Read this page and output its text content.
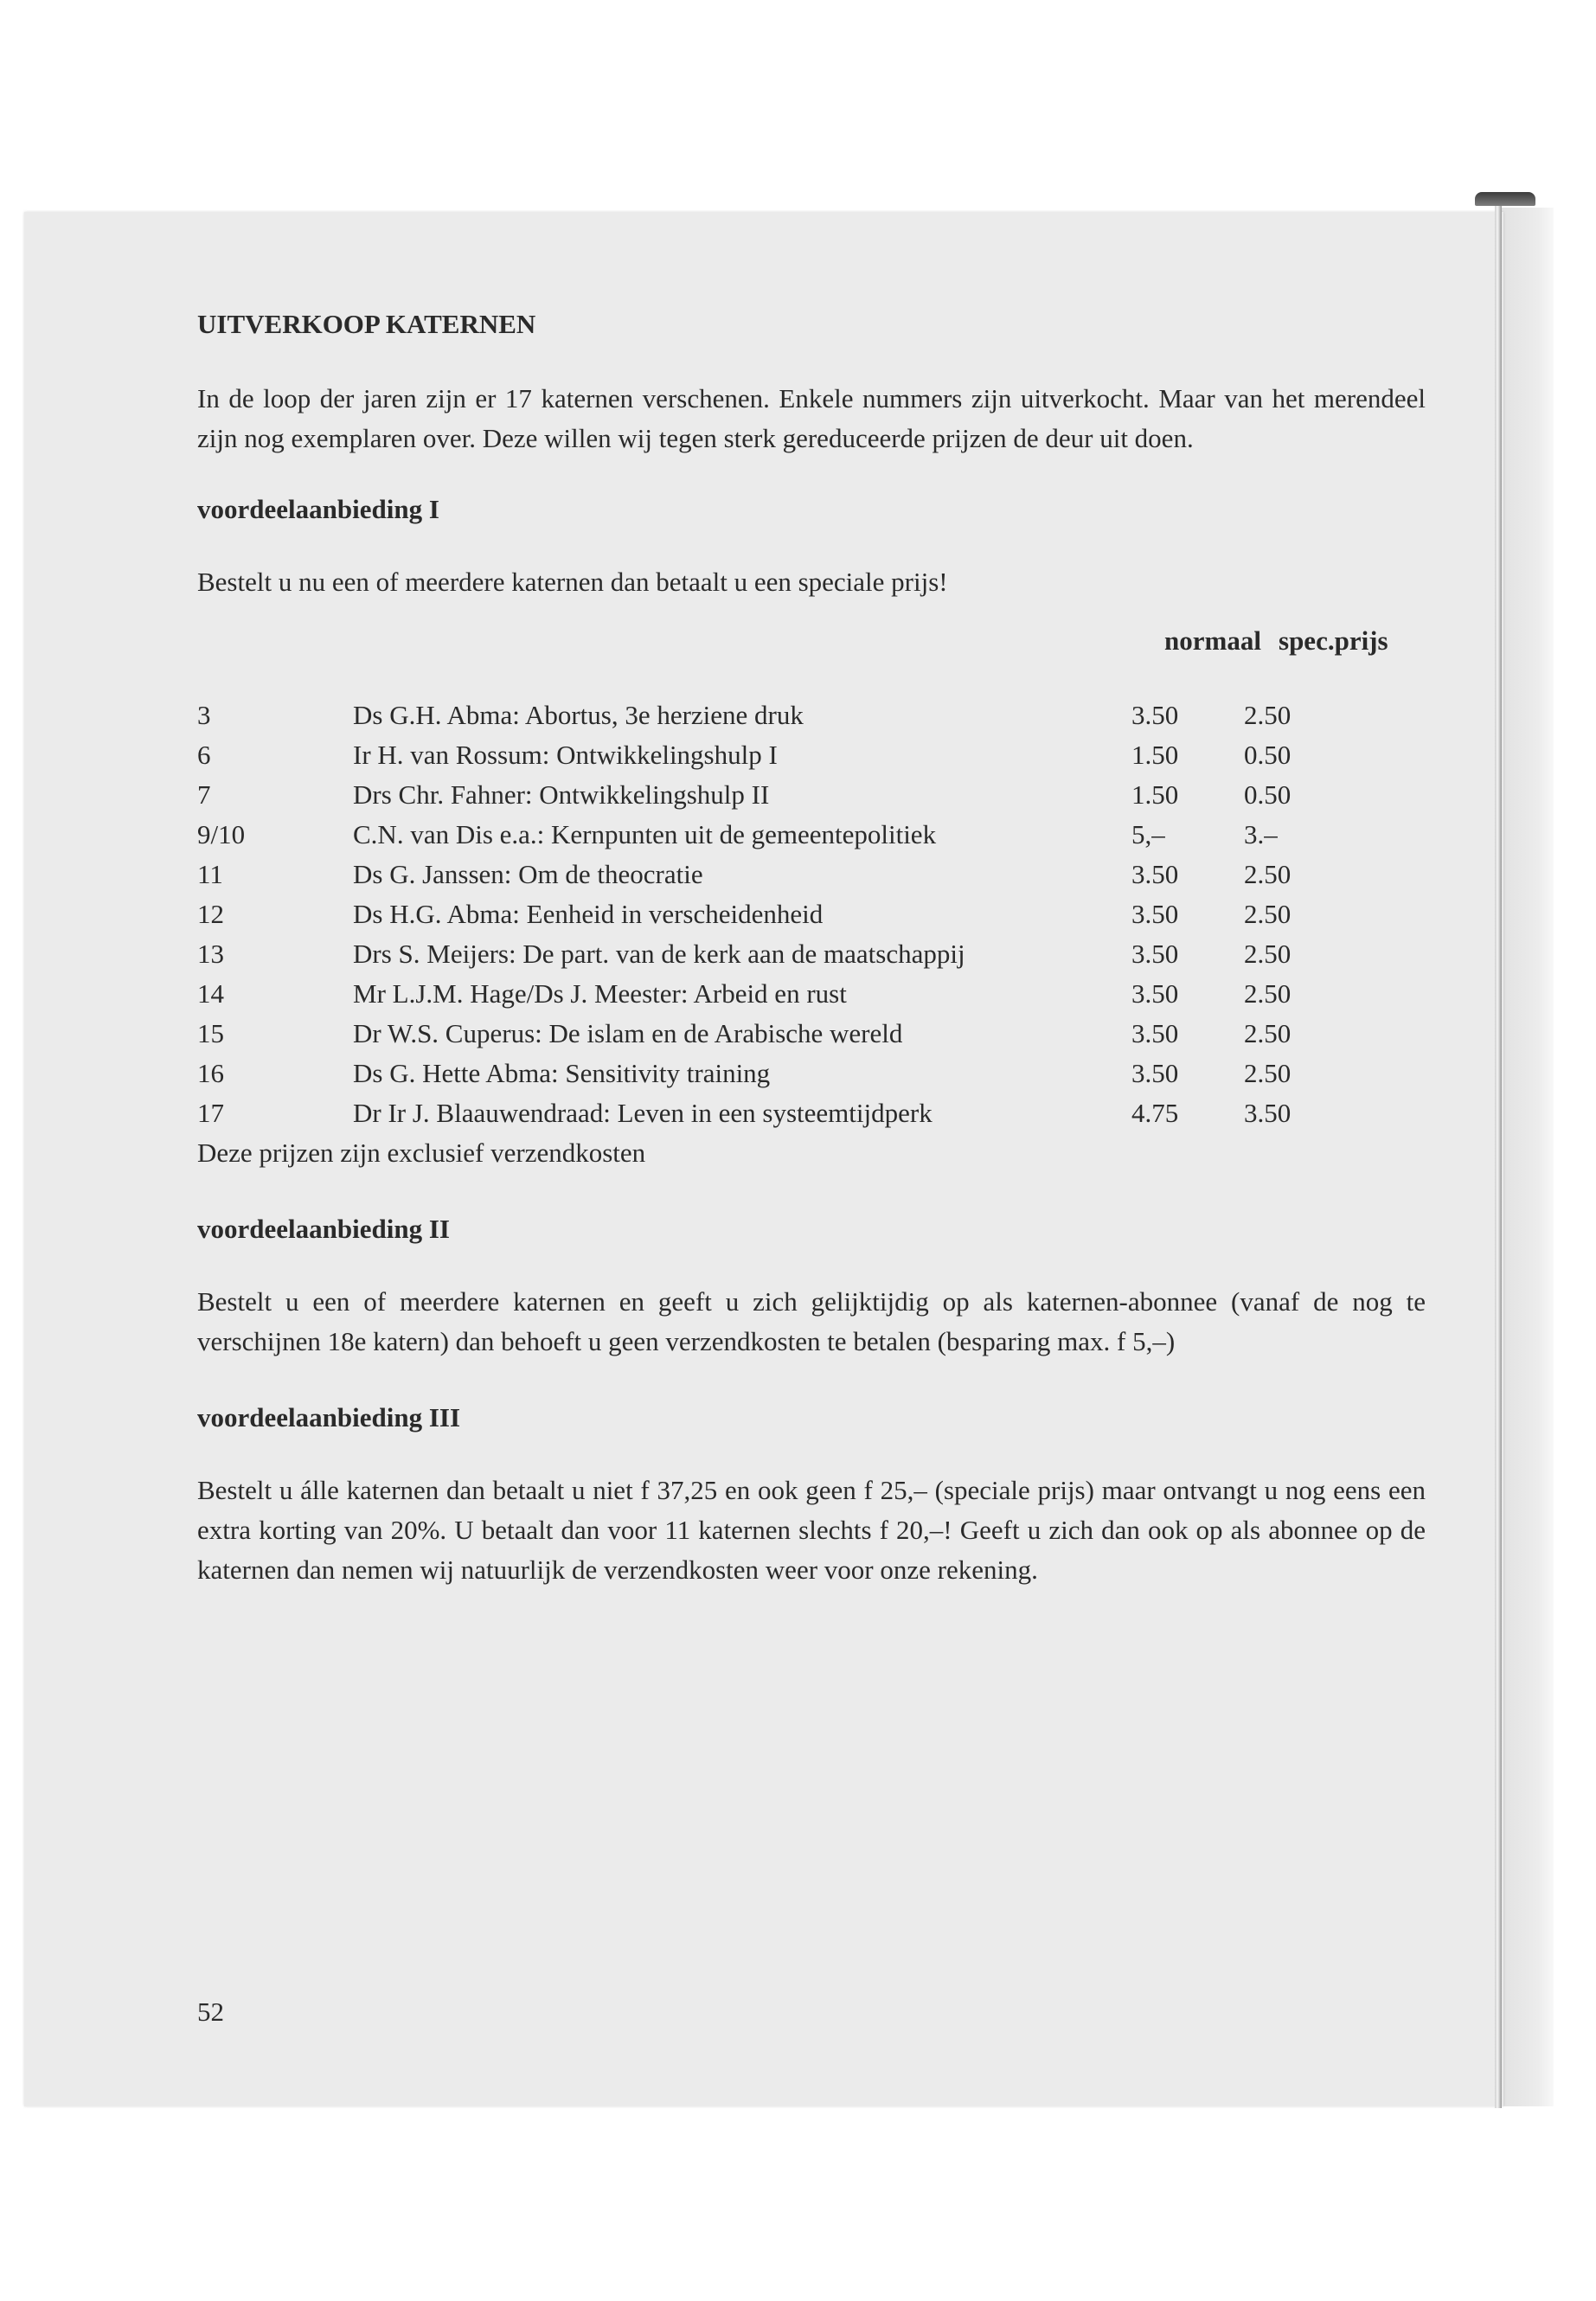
UITVERKOOP KATERNEN

In de loop der jaren zijn er 17 katernen verschenen. Enkele nummers zijn uitverkocht. Maar van het merendeel zijn nog exemplaren over. Deze willen wij tegen sterk gereduceerde prijzen de deur uit doen.

voordeelaanbieding I

Bestelt u nu een of meerdere katernen dan betaalt u een speciale prijs!

normaal spec.prijs
3	Ds G.H. Abma: Abortus, 3e herziene druk	3.50	2.50
6	Ir H. van Rossum: Ontwikkelingshulp I	1.50	0.50
7	Drs Chr. Fahner: Ontwikkelingshulp II	1.50	0.50
9/10	C.N. van Dis e.a.: Kernpunten uit de gemeentepolitiek	5,–	3.–
11	Ds G. Janssen: Om de theocratie	3.50	2.50
12	Ds H.G. Abma: Eenheid in verscheidenheid	3.50	2.50
13	Drs S. Meijers: De part. van de kerk aan de maatschappij	3.50	2.50
14	Mr L.J.M. Hage/Ds J. Meester: Arbeid en rust	3.50	2.50
15	Dr W.S. Cuperus: De islam en de Arabische wereld	3.50	2.50
16	Ds G. Hette Abma: Sensitivity training	3.50	2.50
17	Dr Ir J. Blaauwendraad: Leven in een systeemtijdperk	4.75	3.50

Deze prijzen zijn exclusief verzendkosten

voordeelaanbieding II

Bestelt u een of meerdere katernen en geeft u zich gelijktijdig op als katernen-abonnee (vanaf de nog te verschijnen 18e katern) dan behoeft u geen verzendkosten te betalen (besparing max. f 5,–)

voordeelaanbieding III

Bestelt u álle katernen dan betaalt u niet f 37,25 en ook geen f 25,– (speciale prijs) maar ontvangt u nog eens een extra korting van 20%. U betaalt dan voor 11 katernen slechts f 20,–! Geeft u zich dan ook op als abonnee op de katernen dan nemen wij natuurlijk de verzendkosten weer voor onze rekening.

52
